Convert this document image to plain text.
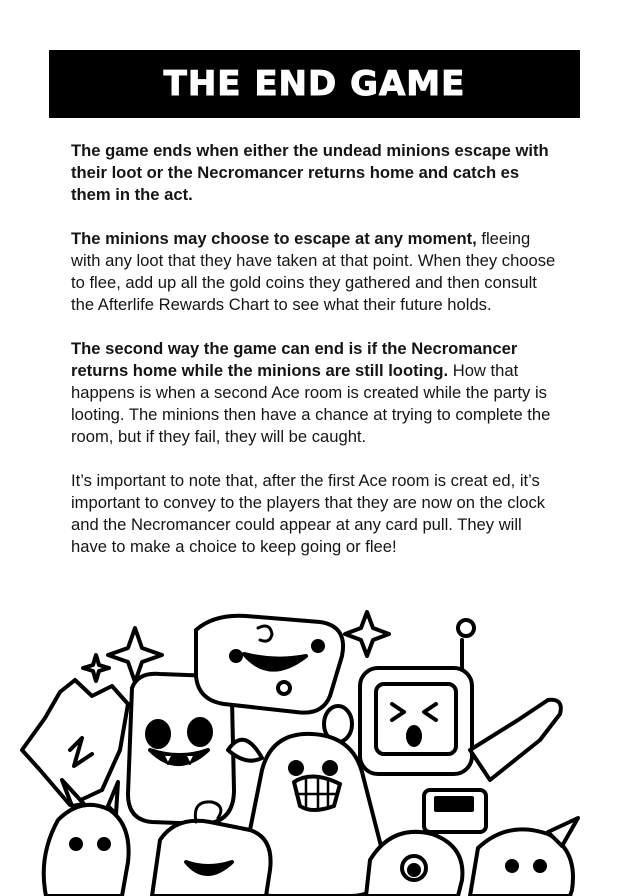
THE END GAME

The game ends when either the undead minions escape with their loot or the Necromancer returns home and catch es them in the act.

The minions may choose to escape at any moment, fleeing with any loot that they have taken at that point. When they choose to flee, add up all the gold coins they gathered and then consult the Afterlife Rewards Chart to see what their future holds.

The second way the game can end is if the Necromancer returns home while the minions are still looting. How that happens is when a second Ace room is created while the party is looting. The minions then have a chance at trying to complete the room, but if they fail, they will be caught.

It’s important to note that, after the first Ace room is creat ed, it’s important to convey to the players that they are now on the clock and the Necromancer could appear at any card pull. They will have to make a choice to keep going or flee!
